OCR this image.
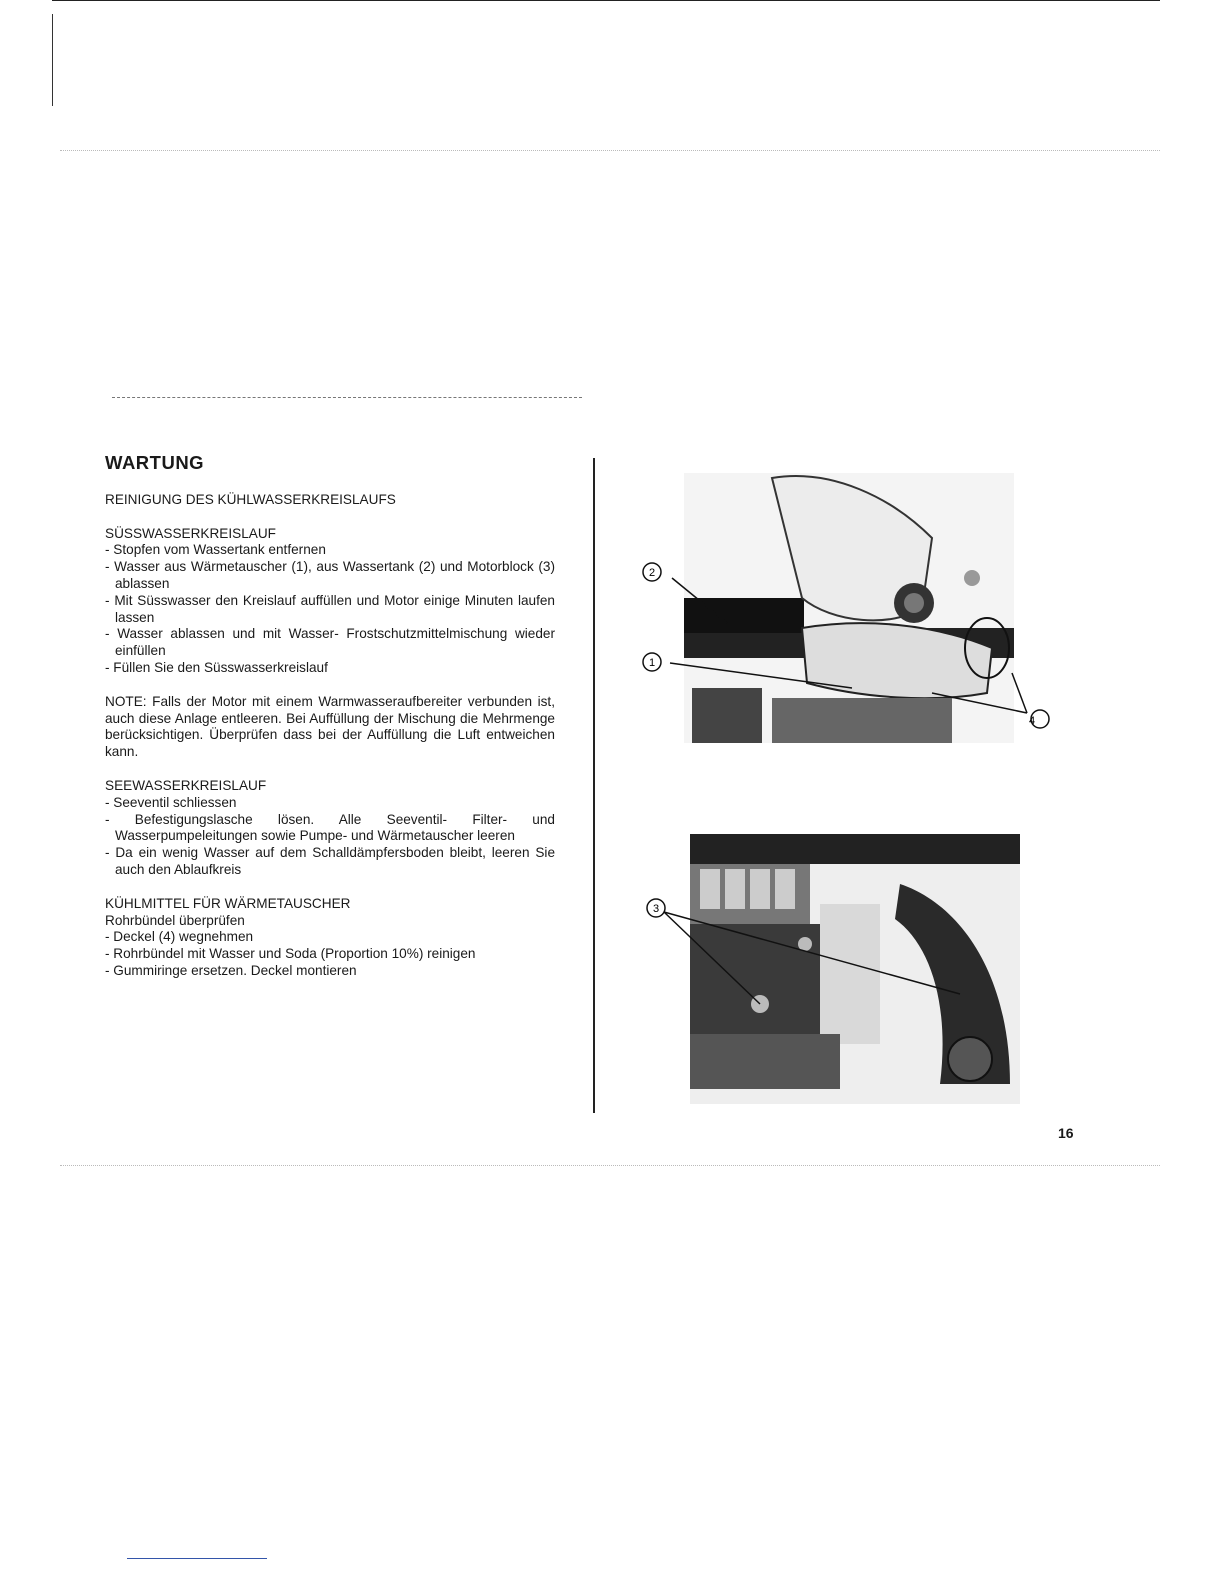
WARTUNG

REINIGUNG DES KÜHLWASSERKREISLAUFS

SÜSSWASSERKREISLAUF

- Stopfen vom Wassertank entfernen

- Wasser aus Wärmetauscher (1), aus Wassertank (2) und Motorblock (3) ablassen

- Mit Süsswasser den Kreislauf auffüllen und Motor einige Minuten laufen lassen

- Wasser ablassen und mit Wasser- Frostschutzmittelmischung wieder einfüllen

- Füllen Sie den Süsswasserkreislauf

NOTE: Falls der Motor mit einem Warmwasseraufbereiter verbunden ist, auch diese Anlage entleeren. Bei Auffüllung der Mischung die Mehrmenge berücksichtigen. Überprüfen dass bei der Auffüllung die Luft entweichen kann.

SEEWASSERKREISLAUF

- Seeventil schliessen

- Befestigungslasche lösen. Alle Seeventil- Filter- und Wasserpumpeleitungen sowie Pumpe- und Wärmetauscher leeren

- Da ein wenig Wasser auf dem Schalldämpfersboden bleibt, leeren Sie auch den Ablaufkreis

KÜHLMITTEL FÜR WÄRMETAUSCHER

Rohrbündel überprüfen

- Deckel (4) wegnehmen

- Rohrbündel mit Wasser und Soda (Proportion 10%) reinigen

- Gummiringe ersetzen. Deckel montieren

2
1
4
3
16
